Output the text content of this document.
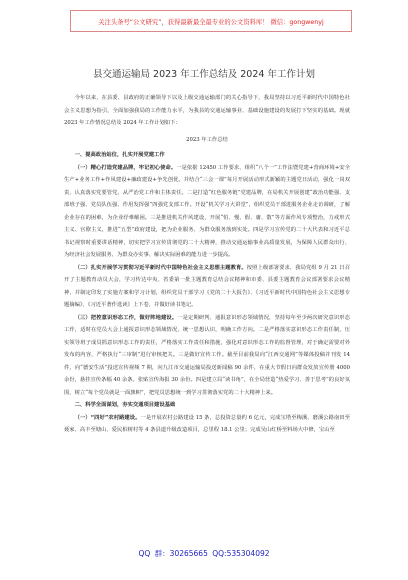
关注头条号“公文研究”，获得最新最全最专业的公文资料库！ 微信：gongwenyj
县交通运输局 2023 年工作总结及 2024 年工作计划

今年以来，在县委、县政府的正确领导下以及上级交通运输部门的关心指导下，我局坚持以习近平新时代中国特色社会主义思想为指引，全面加强我局的工作能力水平，为我县的交通运输事业、基础设施建设的发展打下坚实的基础。现就 2023 年工作情况总结及 2024 年工作计划如下：

2023 年工作总结

一、提高政治站位，扎实开展党建工作

（一）精心打造党建品牌，牢记初心使命。一是依据 12450 工作要求，组织“八个一”工作法暨党建+营商环境+安全生产+业务工作+作风建设+廉政建设+争先创优，并结合“三会一课”每月开展活动形式新颖的主题党日活动，强化一岗双责、认真落实党要管党、从严治党工作和主体责任。二是打造“红色服务链”党建品牌，在局机关开展创建“政治功能强、支部班子强、党员队伍强、作用发挥强”四强党支部工作。开设“机关学习大讲堂”，组织党员干部进服务企业走访调研，了解企业存在的困难，为企业纾难解困。三是推进机关作风建设，开展“怕、慢、假、庸、散”等方面作风专项整治，力戒形式主义、官僚主义，推进“五型”政府建设，把为企业服务、为群众服务落到实处。四是学习宣传党的二十大代表和习近平总书记视察时重要讲话精神，切实把学习宣传贯彻党的二十大精神，推动交通运输事业高质量发展，为保障人民群众出行、为经济社会发展服务、为群众办实事、解决实际困难的能力进一步提高。

（二）扎实开展学习贯彻习近平新时代中国特色社会主义思想主题教育。按照上级部署要求，我局党组 9 月 21 日召开了主题教育动员大会，学习传达中央、省委第一批主题教育总结会议精神和市委、县委主题教育会议部署要求会议精神，并制定印发了实施方案和学习计划，组织党员干部学习《党的二十大报告》、《习近平新时代中国特色社会主义思想专题摘编》、《习近平著作选读》上下卷，并做好读书笔记。

（三）把控意识形态工作，做好阵地建设。一是定期研判、通报意识形态领域情况，坚持每年至少两次研究意识形态工作，适时在党员大会上通报意识形态领域情况，统一思想认识，明确工作方向。二是严格落实意识形态工作责任制，压实领导班子成员抓意识形态工作的责任，严格落实工作责任和措施，强化对意识形态工作的监督管理，对于确定需要对外发布的内容，严格执行“三审制”进行审核把关。三是做好宣传工作。截至目前我局向“江西交通网”等媒体投稿并刊发 14 件，向“德安生活”投送宣传视频 7 期，向九江市交通运输局投送新闻稿 90 余件，在重大节假日向群众发放宣传册 4000 余份，悬挂宣传条幅 40 余条。张贴宣传海报 30 余份。四是建立局“读书角”，在全局营造“热爱学习、善于思考”的良好氛围，树立“每个党员就是一面旗帜”，把党员思想统一到学习贯彻落实党的二十大精神上来。

二、科学全面谋划，夯实交通项目建设基础

（一）“四好”农村路建设。一是开展农村公路建设 15 条，总投资总量约 6 亿元，完成宝塔至梅溪、磨溪公路南田至聂家、高丰至塘山、爱民柏树村等 4 条县道升级改造项目，总里程 18.1 公里；完成吴山红桥至料场大中修，宝山至

QQ 群：30265665 QQ:535304092
